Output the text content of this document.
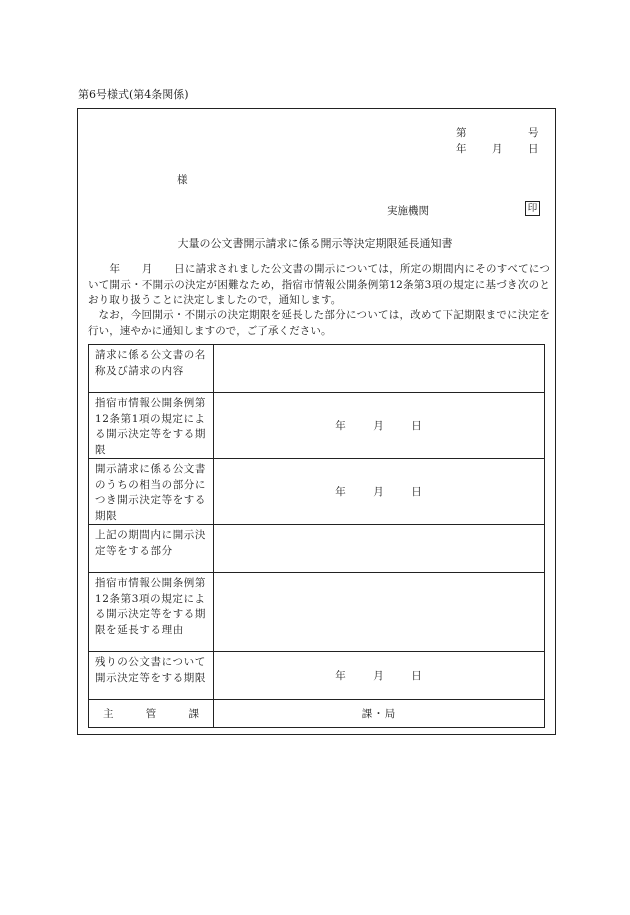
第6号様式(第4条関係)
第	号
年 月 日
様
実施機関	印
大量の公文書開示請求に係る開示等決定期限延長通知書
　　年　　月　　日に請求されました公文書の開示については，所定の期間内にそのすべてについて開示・不開示の決定が困難なため，指宿市情報公開条例第12条第3項の規定に基づき次のとおり取り扱うことに決定しましたので，通知します。
なお，今回開示・不開示の決定期限を延長した部分については，改めて下記期限までに決定を行い，速やかに通知しますので，ご了承ください。
請求に係る公文書の名称及び請求の内容	
指宿市情報公開条例第12条第1項の規定による開示決定等をする期限	年 月 日

開示請求に係る公文書のうちの相当の部分につき開示決定等をする期限	年 月 日

上記の期間内に開示決定等をする部分	
指宿市情報公開条例第12条第3項の規定による開示決定等をする期限を延長する理由	
残りの公文書について開示決定等をする期限	年 月 日

主 管 課	課・局
